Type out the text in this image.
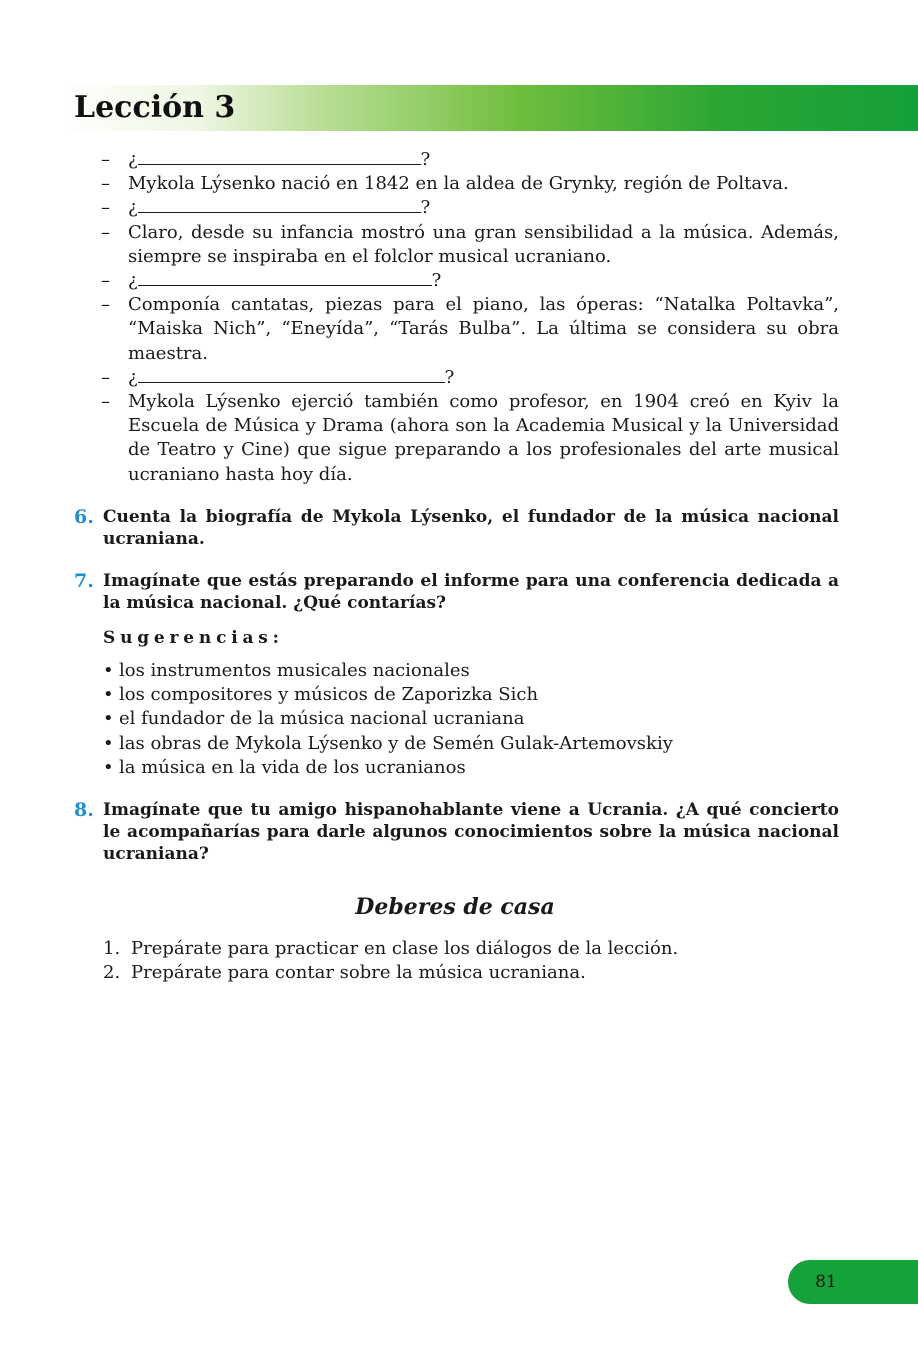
Lección 3
– ¿	?
– Mykola Lýsenko nació en 1842 en la aldea de Grynky, región de Poltava.
– ¿	?
– Claro, desde su infancia mostró una gran sensibilidad a la música. Además, siempre se inspiraba en el folclor musical ucraniano.
– ¿	?
– Componía cantatas, piezas para el piano, las óperas: “Natalka Poltavka”, “Maiska Nich”, “Eneyída”, “Tarás Bulba”. La última se considera su obra maestra.
– ¿	?
– Mykola Lýsenko ejerció también como profesor, en 1904 creó en Kyiv la Escuela de Música y Drama (ahora son la Academia Musical y la Universidad de Teatro y Cine) que sigue preparando a los profesionales del arte musical ucraniano hasta hoy día.
6. Cuenta la biografía de Mykola Lýsenko, el fundador de la música nacional ucraniana.
7. Imagínate que estás preparando el informe para una conferencia dedicada a la música nacional. ¿Qué contarías?
Sugerencias:
• los instrumentos musicales nacionales
• los compositores y músicos de Zaporizka Sich
• el fundador de la música nacional ucraniana
• las obras de Mykola Lýsenko y de Semén Gulak-Artemovskiy
• la música en la vida de los ucranianos
8. Imagínate que tu amigo hispanohablante viene a Ucrania. ¿A qué concierto le acompañarías para darle algunos conocimientos sobre la música nacional ucraniana?
Deberes de casa
1. Prepárate para practicar en clase los diálogos de la lección.
2. Prepárate para contar sobre la música ucraniana.
81
